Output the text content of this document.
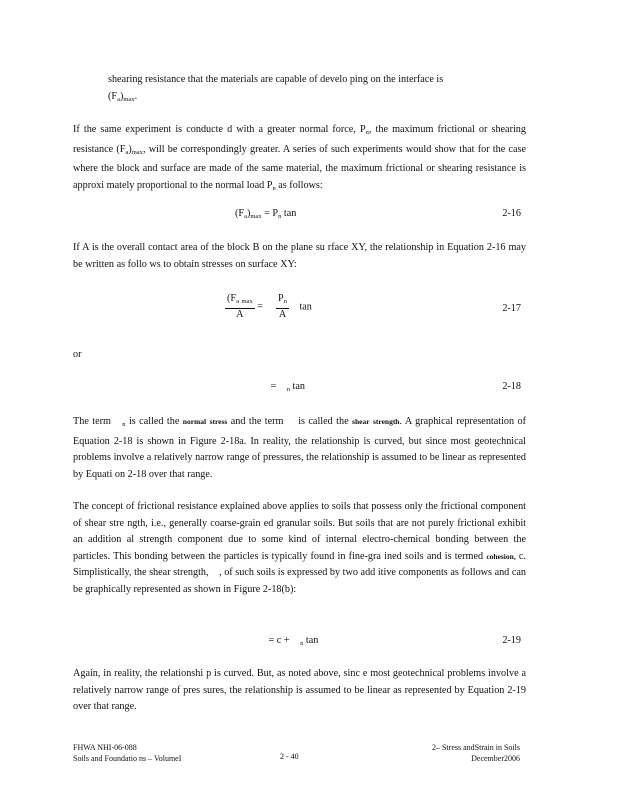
shearing resistance that the materials are capable of develo ping on the interface is
$(F_a)_{max}$.
If the same experiment is conducte d with a greater normal force, $P_n$, the maximum frictional or shearing resistance $(F_a)_{max}$, will be correspondingly greater. A series of such experiments would show that for the case where the block and surface are made of the same material, the maximum frictional or shearing resistance is approxi mately proportional to the normal load $P_n$ as follows:
$(F_a)_{max} = P_n$ tan  	2-16
If A is the overall contact area of the block B on the plane su rface XY, the relationship in Equation 2-16 may be written as follo ws to obtain stresses on surface XY:
$\frac{(F_a _{max}}{A}$ =   $\frac{P_n}{A}$  tan  	2-17
or
  = $ _n$ tan  	2-18
The term $ _n$ is called the normal stress and the term   is called the shear strength. A graphical representation of Equation 2-18 is shown in Figure 2-18a. In reality, the relationship is curved, but since most geotechnical problems involve a relatively narrow range of pressures, the relationship is assumed to be linear as represented by Equati on 2-18 over that range.
The concept of frictional resistance explained above applies to soils that possess only the frictional component of shear stre ngth, i.e., generally coarse-grain ed granular soils. But soils that are not purely frictional exhibit an addition al strength component due to some kind of internal electro-chemical bonding between the particles. This bonding between the particles is typically found in fine-gra ined soils and is termed cohesion, c. Simplistically, the shear strength,  , of such soils is expressed by two add itive components as follows and can be graphically represented as shown in Figure 2-18(b):
  = $c +  _n$ tan  	2-19
Again, in reality, the relationshi p is curved. But, as noted above, sinc e most geotechnical problems involve a relatively narrow range of pres sures, the relationship is assumed to be linear as represented by Equation 2-19 over that range.
FHWA NHI-06-088
Soils and Foundatio ns – VolumeI	2 - 40
2– Stress andStrain in Soils
December2006
